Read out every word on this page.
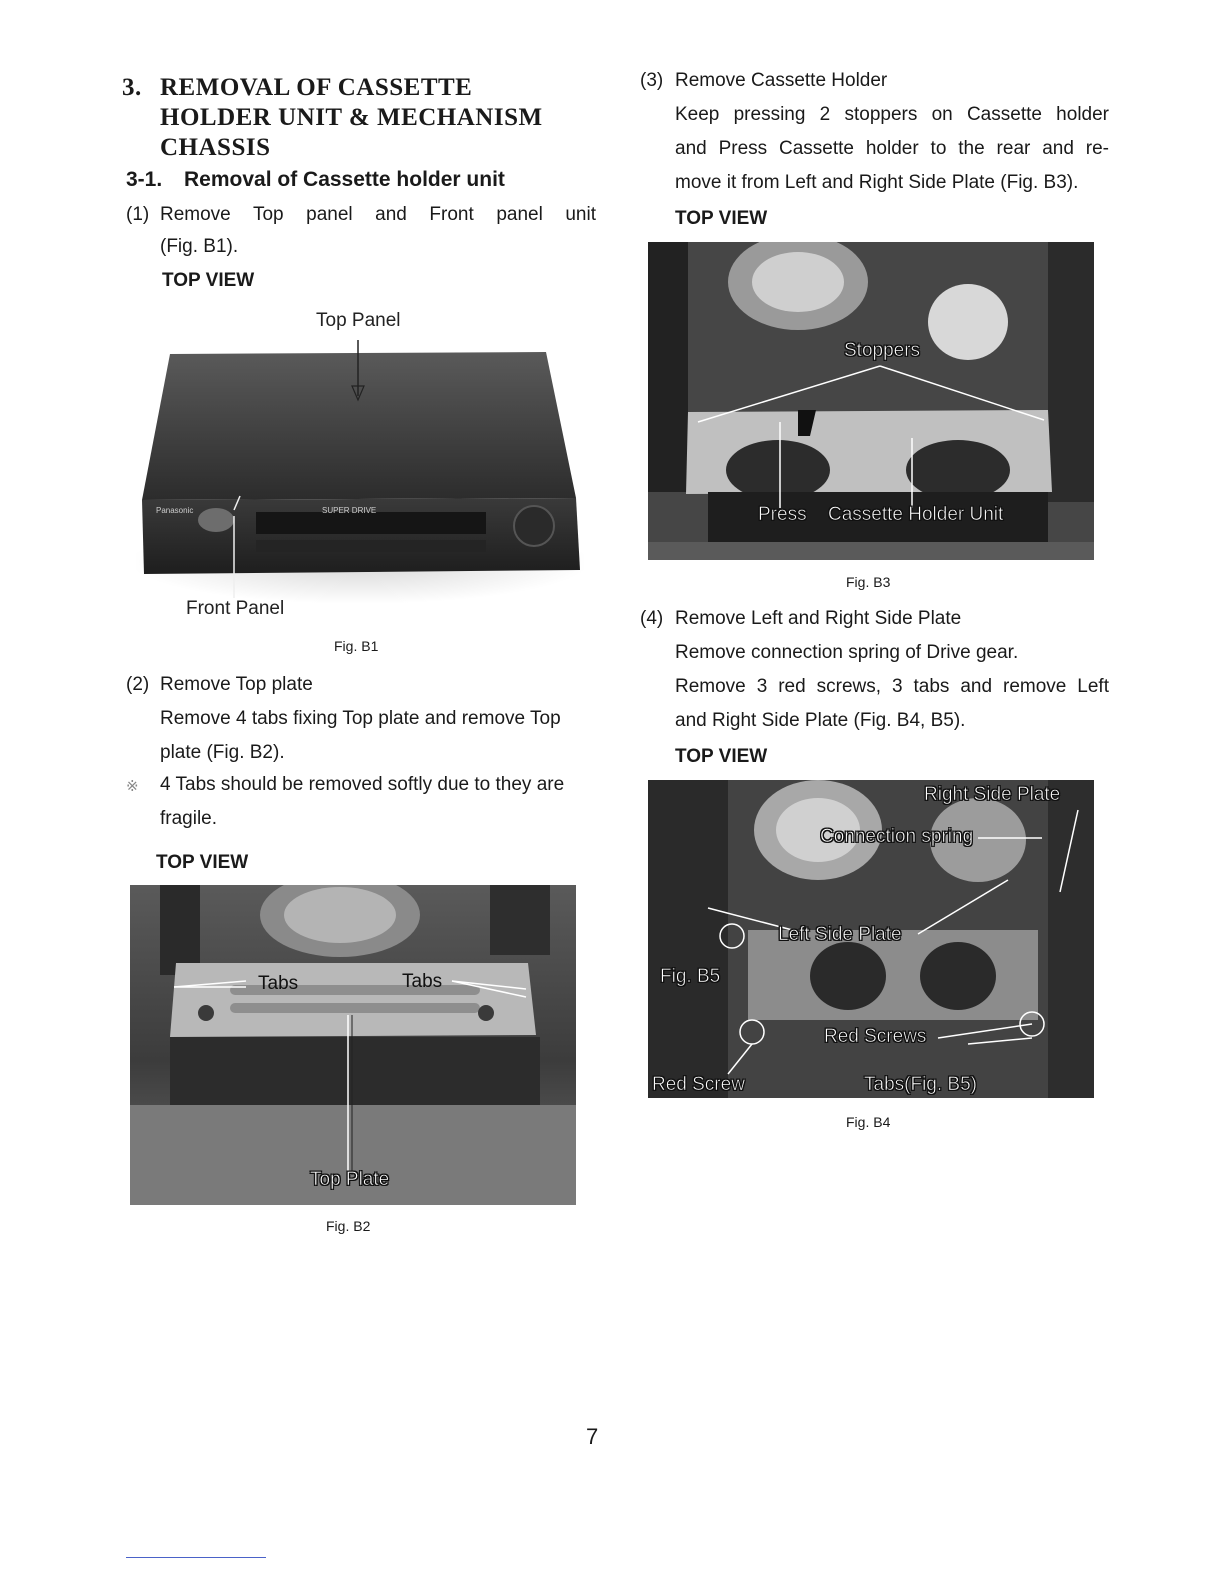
3. REMOVAL OF CASSETTE
HOLDER UNIT & MECHANISM
CHASSIS
3-1. Removal of Cassette holder unit
(1) Remove Top panel and Front panel unit
(Fig. B1).
TOP VIEW
Top Panel
Panasonic	SUPER DRIVE
Front Panel
Fig. B1
(2) Remove Top plate
Remove 4 tabs fixing Top plate and remove Top
plate (Fig. B2).
※ 4 Tabs should be removed softly due to they are
fragile.
TOP VIEW
Tabs	Tabs
Top Plate
Fig. B2
(3) Remove Cassette Holder
Keep pressing 2 stoppers on Cassette holder
and Press Cassette holder to the rear and re-
move it from Left and Right Side Plate (Fig. B3).
TOP VIEW
Stoppers
Press Cassette Holder Unit
Fig. B3
(4) Remove Left and Right Side Plate
Remove connection spring of Drive gear.
Remove 3 red screws, 3 tabs and remove Left
and Right Side Plate (Fig. B4, B5).
TOP VIEW
Right Side Plate
Connection spring
Left Side Plate
Fig. B5
Red Screws
Red Screw	Tabs(Fig. B5)
Fig. B4
7
